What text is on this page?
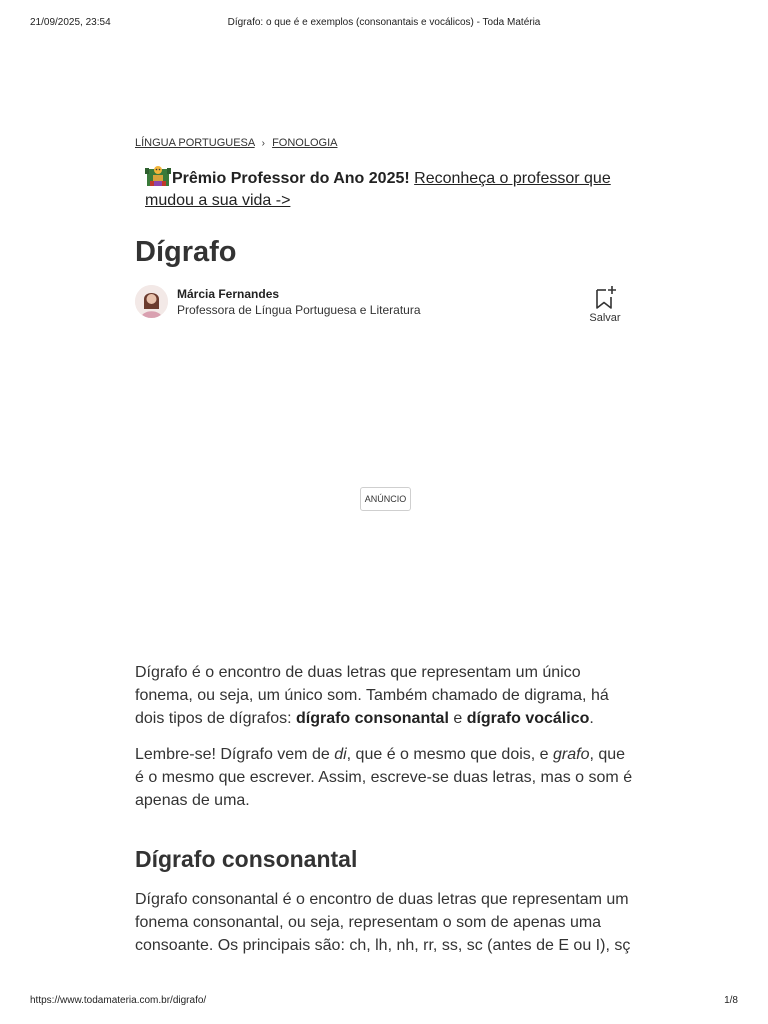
21/09/2025, 23:54	Dígrafo: o que é e exemplos (consonantais e vocálicos) - Toda Matéria
LÍNGUA PORTUGUESA › FONOLOGIA
Prêmio Professor do Ano 2025! Reconheça o professor que mudou a sua vida ->
Dígrafo
Márcia Fernandes
Professora de Língua Portuguesa e Literatura
Salvar
ANÚNCIO

Dígrafo é o encontro de duas letras que representam um único fonema, ou seja, um único som. Também chamado de digrama, há dois tipos de dígrafos: dígrafo consonantal e dígrafo vocálico.

Lembre-se! Dígrafo vem de di, que é o mesmo que dois, e grafo, que é o mesmo que escrever. Assim, escreve-se duas letras, mas o som é apenas de uma.

Dígrafo consonantal

Dígrafo consonantal é o encontro de duas letras que representam um fonema consonantal, ou seja, representam o som de apenas uma consoante. Os principais são: ch, lh, nh, rr, ss, sc (antes de E ou I), sç

https://www.todamateria.com.br/digrafo/	1/8
